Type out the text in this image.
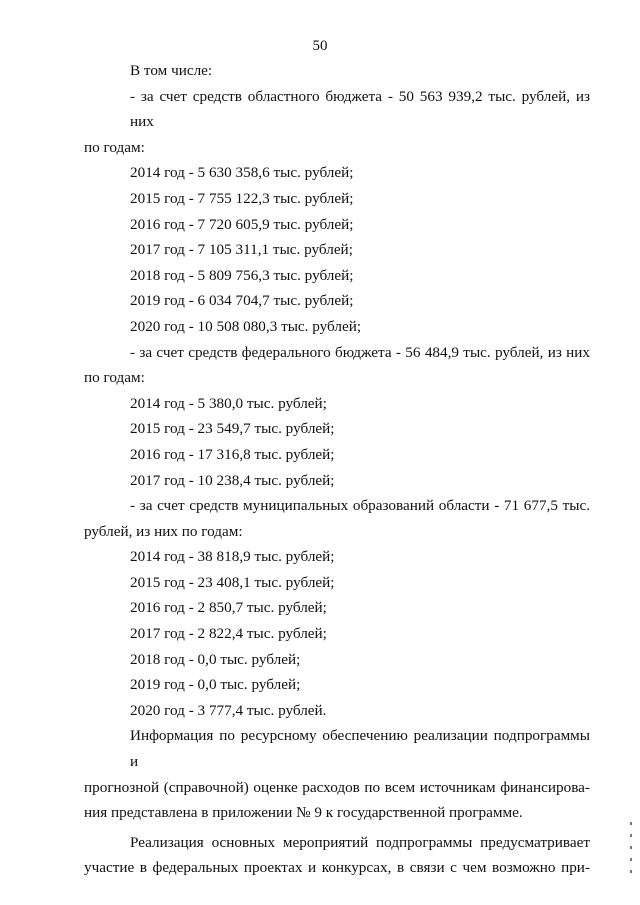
50
В том числе:
- за счет средств областного бюджета - 50 563 939,2 тыс. рублей, из них
по годам:
2014 год - 5 630 358,6 тыс. рублей;
2015 год - 7 755 122,3 тыс. рублей;
2016 год - 7 720 605,9 тыс. рублей;
2017 год - 7 105 311,1 тыс. рублей;
2018 год - 5 809 756,3 тыс. рублей;
2019 год - 6 034 704,7 тыс. рублей;
2020 год - 10 508 080,3 тыс. рублей;
- за счет средств федерального бюджета - 56 484,9 тыс. рублей, из них
по годам:
2014 год - 5 380,0 тыс. рублей;
2015 год - 23 549,7 тыс. рублей;
2016 год - 17 316,8 тыс. рублей;
2017 год - 10 238,4 тыс. рублей;
- за счет средств муниципальных образований области - 71 677,5 тыс.
рублей, из них по годам:
2014 год - 38 818,9 тыс. рублей;
2015 год - 23 408,1 тыс. рублей;
2016 год - 2 850,7 тыс. рублей;
2017 год - 2 822,4 тыс. рублей;
2018 год - 0,0 тыс. рублей;
2019 год - 0,0 тыс. рублей;
2020 год - 3 777,4 тыс. рублей.
Информация по ресурсному обеспечению реализации подпрограммы и
прогнозной (справочной) оценке расходов по всем источникам финансирова-
ния представлена в приложении № 9 к государственной программе.
Реализация основных мероприятий подпрограммы предусматривает
участие в федеральных проектах и конкурсах, в связи с чем возможно при-
